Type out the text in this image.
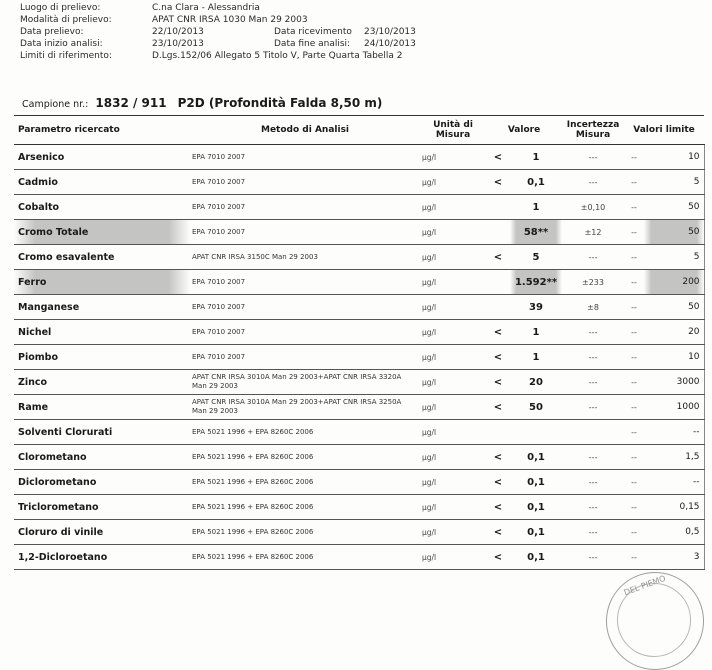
Luogo di prelievo:	C.na Clara - Alessandria
Modalità di prelievo:	APAT CNR IRSA 1030 Man 29 2003
Data prelievo:	22/10/2013	Data ricevimento	23/10/2013
Data inizio analisi:	23/10/2013	Data fine analisi:	24/10/2013
Limiti di riferimento:	D.Lgs.152/06 Allegato 5 Titolo V, Parte Quarta Tabella 2
Campione nr.: 1832 / 911 P2D (Profondità Falda 8,50 m)
Parametro ricercato	Metodo di Analisi	Unità di Misura	Valore		Incertezza Misura	Valori limite	
Arsenico	EPA 7010 2007	µg/l	<	1	---	--	10
Cadmio	EPA 7010 2007	µg/l	<	0,1	---	--	5
Cobalto	EPA 7010 2007	µg/l		1	±0,10	--	50
Cromo Totale	EPA 7010 2007	µg/l		58**	±12	--	50
Cromo esavalente	APAT CNR IRSA 3150C Man 29 2003	µg/l	<	5	---	--	5
Ferro	EPA 7010 2007	µg/l		1.592**	±233	--	200
Manganese	EPA 7010 2007	µg/l		39	±8	--	50
Nichel	EPA 7010 2007	µg/l	<	1	---	--	20
Piombo	EPA 7010 2007	µg/l	<	1	---	--	10
Zinco	APAT CNR IRSA 3010A Man 29 2003+APAT CNR IRSA 3320A Man 29 2003	µg/l	<	20	---	--	3000
Rame	APAT CNR IRSA 3010A Man 29 2003+APAT CNR IRSA 3250A Man 29 2003	µg/l	<	50	---	--	1000
Solventi Clorurati	EPA 5021 1996 + EPA 8260C 2006	µg/l				--	--
Clorometano	EPA 5021 1996 + EPA 8260C 2006	µg/l	<	0,1	---	--	1,5
Diclorometano	EPA 5021 1996 + EPA 8260C 2006	µg/l	<	0,1	---	--	--
Triclorometano	EPA 5021 1996 + EPA 8260C 2006	µg/l	<	0,1	---	--	0,15
Cloruro di vinile	EPA 5021 1996 + EPA 8260C 2006	µg/l	<	0,1	---	--	0,5
1,2-Dicloroetano	EPA 5021 1996 + EPA 8260C 2006	µg/l	<	0,1	---	--	3
DEL PIEMO
